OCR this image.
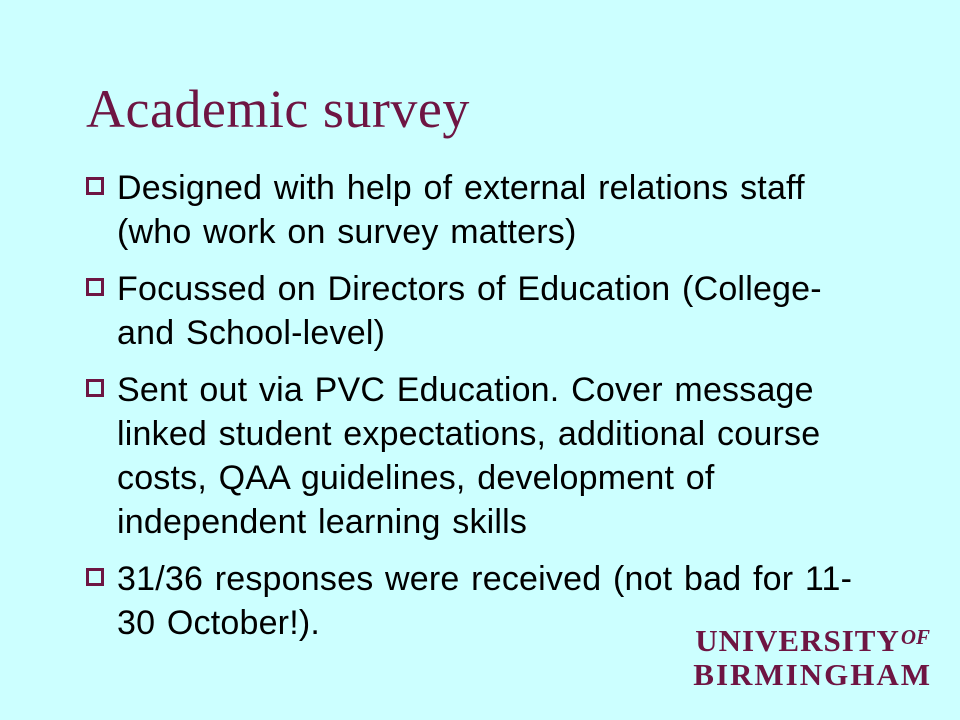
Academic survey
Designed with help of external relations staff (who work on survey matters)
Focussed on Directors of Education (College- and School-level)
Sent out via PVC Education. Cover message linked student expectations, additional course costs, QAA guidelines, development of independent learning skills
31/36 responses were received (not bad for 11-30 October!).	$UNIVERSITY^{OF}$
BIRMINGHAM
